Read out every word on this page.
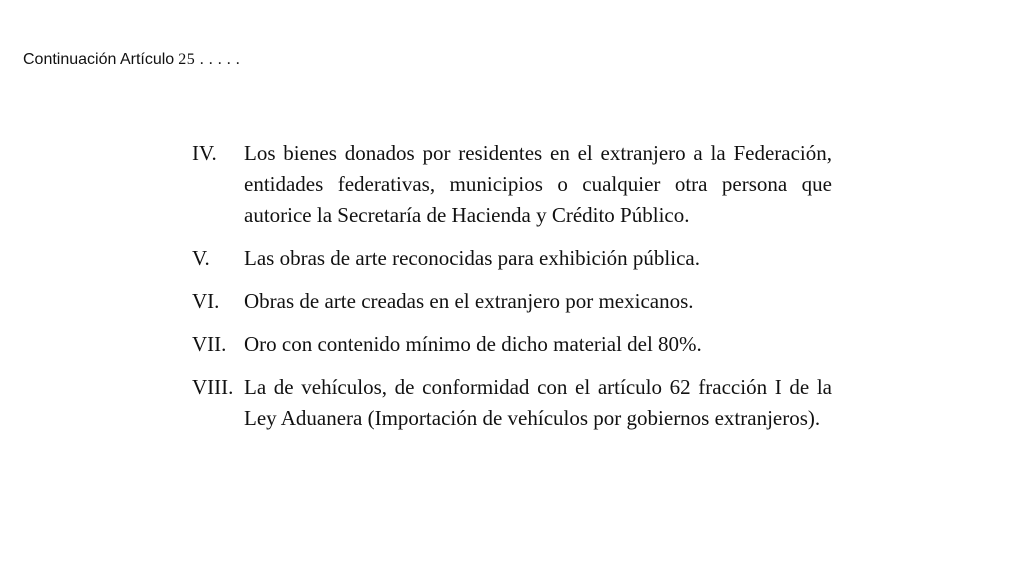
Continuación Artículo 25 . . . . .
IV.	Los bienes donados por residentes en el extranjero a la Federación, entidades federativas, municipios o cualquier otra persona que autorice la Secretaría de Hacienda y Crédito Público.
V.	Las obras de arte reconocidas para exhibición pública.
VI.	Obras de arte creadas en el extranjero por mexicanos.
VII. Oro con contenido mínimo de dicho material del 80%.
VIII. La de vehículos, de conformidad con el artículo 62 fracción I de la Ley Aduanera (Importación de vehículos por gobiernos extranjeros).
